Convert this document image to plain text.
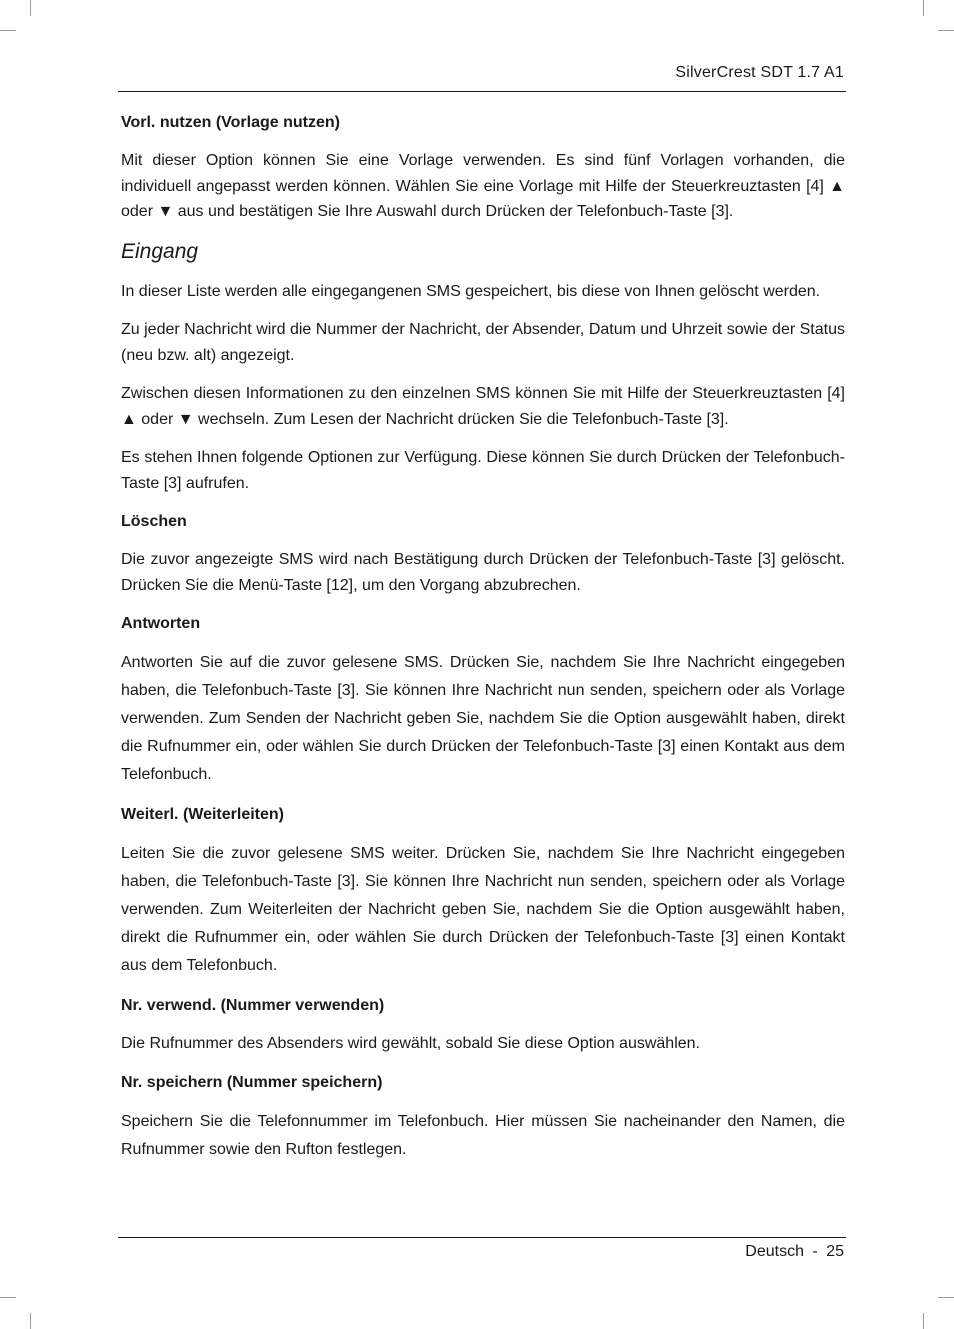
SilverCrest SDT 1.7 A1
Vorl. nutzen (Vorlage nutzen)

Mit dieser Option können Sie eine Vorlage verwenden. Es sind fünf Vorlagen vorhanden, die individuell angepasst werden können. Wählen Sie eine Vorlage mit Hilfe der Steuerkreuztasten [4] ▲ oder ▼ aus und bestätigen Sie Ihre Auswahl durch Drücken der Telefonbuch-Taste [3].

Eingang

In dieser Liste werden alle eingegangenen SMS gespeichert, bis diese von Ihnen gelöscht werden.

Zu jeder Nachricht wird die Nummer der Nachricht, der Absender, Datum und Uhrzeit sowie der Status (neu bzw. alt) angezeigt.

Zwischen diesen Informationen zu den einzelnen SMS können Sie mit Hilfe der Steuerkreuztasten [4] ▲ oder ▼ wechseln. Zum Lesen der Nachricht drücken Sie die Telefonbuch-Taste [3].

Es stehen Ihnen folgende Optionen zur Verfügung. Diese können Sie durch Drücken der Telefonbuch-Taste [3] aufrufen.

Löschen

Die zuvor angezeigte SMS wird nach Bestätigung durch Drücken der Telefonbuch-Taste [3] gelöscht. Drücken Sie die Menü-Taste [12], um den Vorgang abzubrechen.

Antworten

Antworten Sie auf die zuvor gelesene SMS. Drücken Sie, nachdem Sie Ihre Nachricht eingegeben haben, die Telefonbuch-Taste [3]. Sie können Ihre Nachricht nun senden, speichern oder als Vorlage verwenden. Zum Senden der Nachricht geben Sie, nachdem Sie die Option ausgewählt haben, direkt die Rufnummer ein, oder wählen Sie durch Drücken der Telefonbuch-Taste [3] einen Kontakt aus dem Telefonbuch.

Weiterl. (Weiterleiten)

Leiten Sie die zuvor gelesene SMS weiter. Drücken Sie, nachdem Sie Ihre Nachricht eingegeben haben, die Telefonbuch-Taste [3]. Sie können Ihre Nachricht nun senden, speichern oder als Vorlage verwenden. Zum Weiterleiten der Nachricht geben Sie, nachdem Sie die Option ausgewählt haben, direkt die Rufnummer ein, oder wählen Sie durch Drücken der Telefonbuch-Taste [3] einen Kontakt aus dem Telefonbuch.

Nr. verwend. (Nummer verwenden)

Die Rufnummer des Absenders wird gewählt, sobald Sie diese Option auswählen.

Nr. speichern (Nummer speichern)

Speichern Sie die Telefonnummer im Telefonbuch. Hier müssen Sie nacheinander den Namen, die Rufnummer sowie den Rufton festlegen.

Deutsch - 25
